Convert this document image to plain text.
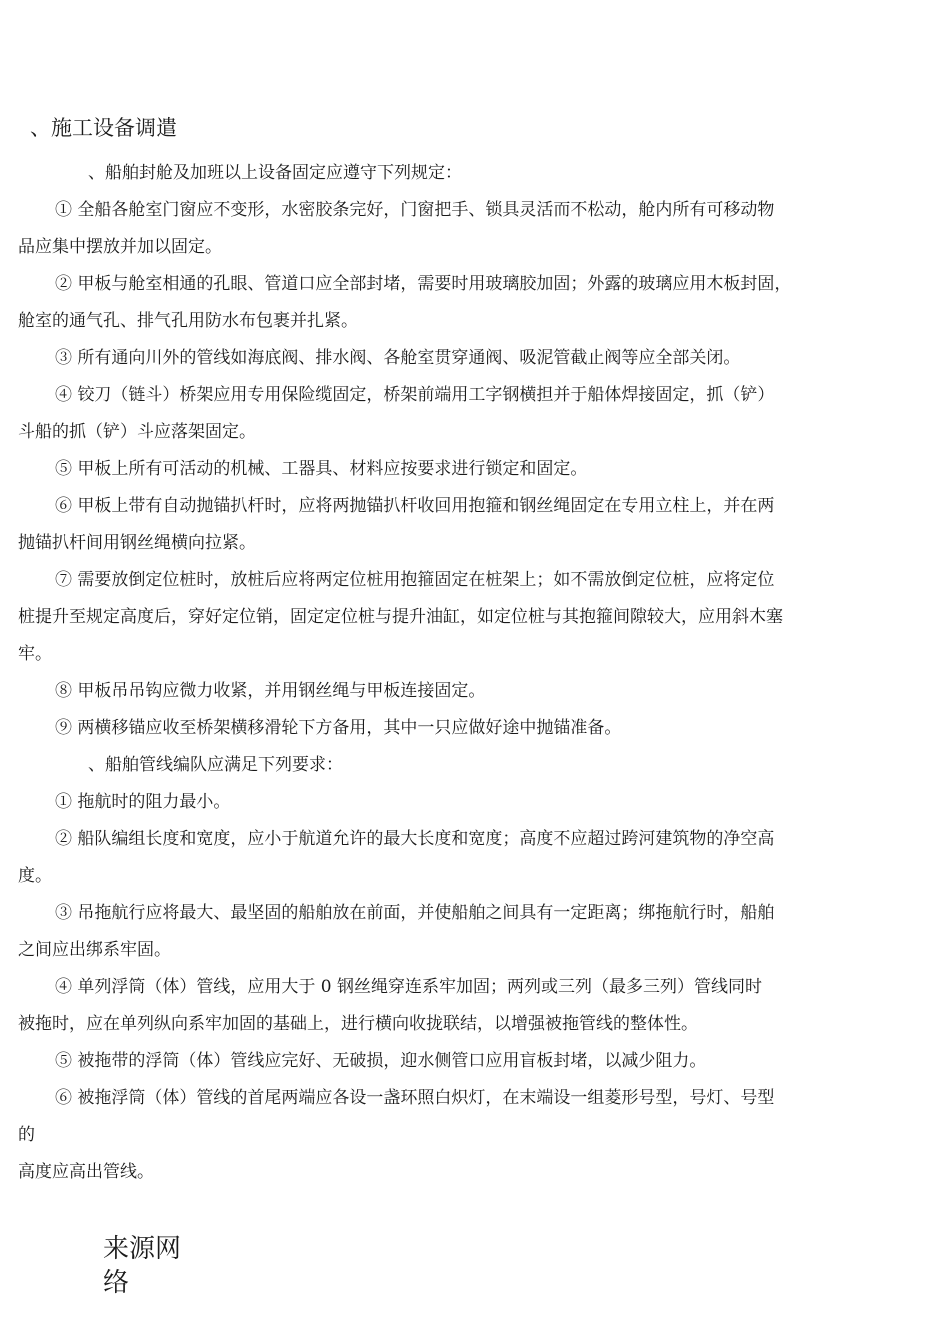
、施工设备调遣
、船舶封舱及加班以上设备固定应遵守下列规定：
① 全船各舱室门窗应不变形，水密胶条完好，门窗把手、锁具灵活而不松动，舱内所有可移动物
品应集中摆放并加以固定。
② 甲板与舱室相通的孔眼、管道口应全部封堵，需要时用玻璃胶加固；外露的玻璃应用木板封固，
舱室的通气孔、排气孔用防水布包裹并扎紧。
③ 所有通向川外的管线如海底阀、排水阀、各舱室贯穿通阀、吸泥管截止阀等应全部关闭。
④ 铰刀（链斗）桥架应用专用保险缆固定，桥架前端用工字钢横担并于船体焊接固定，抓（铲）
斗船的抓（铲）斗应落架固定。
⑤ 甲板上所有可活动的机械、工器具、材料应按要求进行锁定和固定。
⑥ 甲板上带有自动抛锚扒杆时，应将两抛锚扒杆收回用抱箍和钢丝绳固定在专用立柱上，并在两
抛锚扒杆间用钢丝绳横向拉紧。
⑦ 需要放倒定位桩时，放桩后应将两定位桩用抱箍固定在桩架上；如不需放倒定位桩，应将定位
桩提升至规定高度后，穿好定位销，固定定位桩与提升油缸，如定位桩与其抱箍间隙较大，应用斜木塞
牢。
⑧ 甲板吊吊钩应微力收紧，并用钢丝绳与甲板连接固定。
⑨ 两横移锚应收至桥架横移滑轮下方备用，其中一只应做好途中抛锚准备。
、船舶管线编队应满足下列要求：
① 拖航时的阻力最小。
② 船队编组长度和宽度，应小于航道允许的最大长度和宽度；高度不应超过跨河建筑物的净空高
度。
③ 吊拖航行应将最大、最坚固的船舶放在前面，并使船舶之间具有一定距离；绑拖航行时，船舶
之间应出绑系牢固。
④ 单列浮筒（体）管线，应用大于 0 钢丝绳穿连系牢加固；两列或三列（最多三列）管线同时
被拖时，应在单列纵向系牢加固的基础上，进行横向收拢联结，以增强被拖管线的整体性。
⑤ 被拖带的浮筒（体）管线应完好、无破损，迎水侧管口应用盲板封堵，以减少阻力。
⑥ 被拖浮筒（体）管线的首尾两端应各设一盏环照白炽灯，在末端设一组菱形号型，号灯、号型
的
高度应高出管线。
来源网络
